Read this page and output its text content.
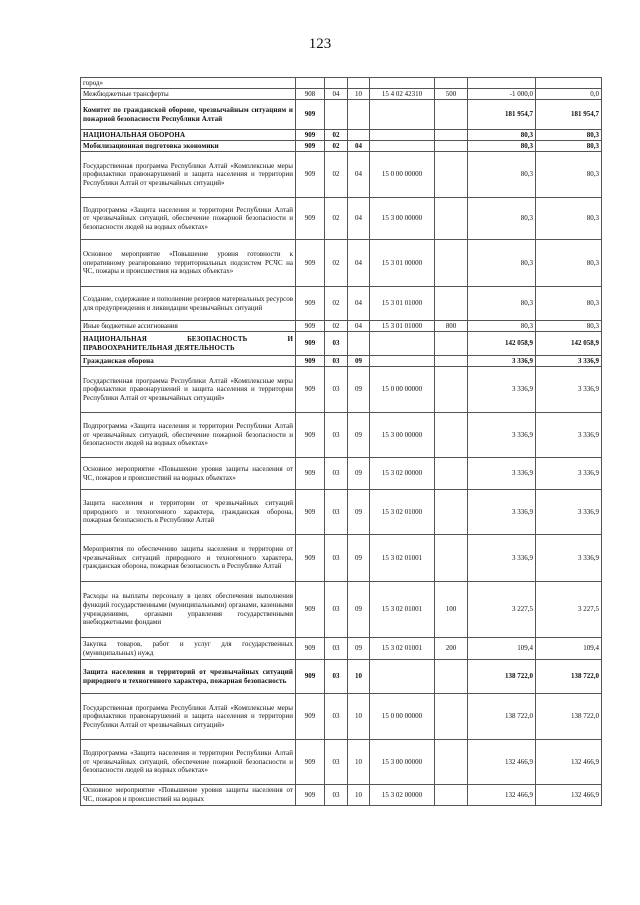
123
город»							
Межбюджетные трансферты	908	04	10	15 4 02 42310	500	-1 000,0	0,0
Комитет по гражданской обороне, чрезвычайным ситуациям и пожарной безопасности Республики Алтай	909					181 954,7	181 954,7
НАЦИОНАЛЬНАЯ ОБОРОНА	909	02				80,3	80,3
Мобилизационная подготовка экономики	909	02	04			80,3	80,3
Государственная программа Республики Алтай «Комплексные меры профилактики правонарушений и защита населения и территории Республики Алтай от чрезвычайных ситуаций»	909	02	04	15 0 00 00000		80,3	80,3
Подпрограмма «Защита населения и территории Республики Алтай от чрезвычайных ситуаций, обеспечение пожарной безопасности и безопасности людей на водных объектах»	909	02	04	15 3 00 00000		80,3	80,3
Основное мероприятие «Повышение уровня готовности к оперативному реагированию территориальных подсистем РСЧС на ЧС, пожары и происшествия на водных объектах»	909	02	04	15 3 01 00000		80,3	80,3
Создание, содержание и пополнение резервов материальных ресурсов для предупреждения и ликвидации чрезвычайных ситуаций	909	02	04	15 3 01 01000		80,3	80,3
Иные бюджетные ассигнования	909	02	04	15 3 01 01000	800	80,3	80,3
НАЦИОНАЛЬНАЯ БЕЗОПАСНОСТЬ И ПРАВООХРАНИТЕЛЬНАЯ ДЕЯТЕЛЬНОСТЬ	909	03				142 058,9	142 058,9
Гражданская оборона	909	03	09			3 336,9	3 336,9
Государственная программа Республики Алтай «Комплексные меры профилактики правонарушений и защита населения и территории Республики Алтай от чрезвычайных ситуаций»	909	03	09	15 0 00 00000		3 336,9	3 336,9
Подпрограмма «Защита населения и территории Республики Алтай от чрезвычайных ситуаций, обеспечение пожарной безопасности и безопасности людей на водных объектах»	909	03	09	15 3 00 00000		3 336,9	3 336,9
Основное мероприятие «Повышение уровня защиты населения от ЧС, пожаров и происшествий на водных объектах»	909	03	09	15 3 02 00000		3 336,9	3 336,9
Защита населения и территории от чрезвычайных ситуаций природного и техногенного характера, гражданская оборона, пожарная безопасность в Республике Алтай	909	03	09	15 3 02 01000		3 336,9	3 336,9
Мероприятия по обеспечению защиты населения и территории от чрезвычайных ситуаций природного и техногенного характера, гражданская оборона, пожарная безопасность в Республике Алтай	909	03	09	15 3 02 01001		3 336,9	3 336,9
Расходы на выплаты персоналу в целях обеспечения выполнения функций государственными (муниципальными) органами, казенными учреждениями, органами управления государственными внебюджетными фондами	909	03	09	15 3 02 01001	100	3 227,5	3 227,5
Закупка товаров, работ и услуг для государственных (муниципальных) нужд	909	03	09	15 3 02 01001	200	109,4	109,4
Защита населения и территорий от чрезвычайных ситуаций природного и техногенного характера, пожарная безопасность	909	03	10			138 722,0	138 722,0
Государственная программа Республики Алтай «Комплексные меры профилактики правонарушений и защита населения и территории Республики Алтай от чрезвычайных ситуаций»	909	03	10	15 0 00 00000		138 722,0	138 722,0
Подпрограмма «Защита населения и территории Республики Алтай от чрезвычайных ситуаций, обеспечение пожарной безопасности и безопасности людей на водных объектах»	909	03	10	15 3 00 00000		132 466,9	132 466,9
Основное мероприятие «Повышение уровня защиты населения от ЧС, пожаров и происшествий на водных	909	03	10	15 3 02 00000		132 466,9	132 466,9
